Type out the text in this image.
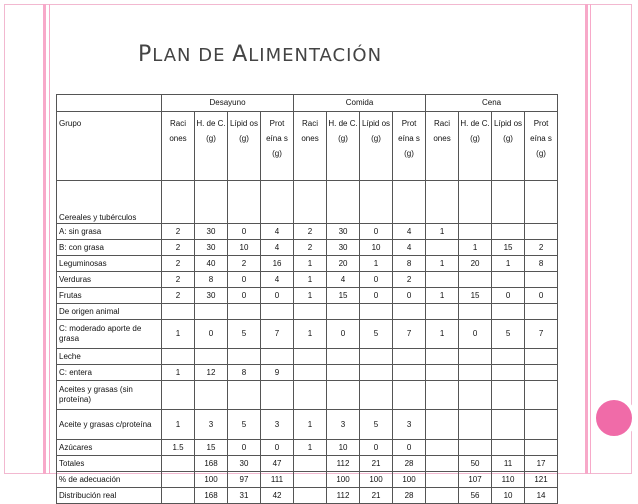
PLAN DE ALIMENTACIÓN
	Desayuno				Comida				Cena			
Grupo	Raci ones	H. de C. (g)	Lípid os (g)	Prot eína s (g)	Raci ones	H. de C. (g)	Lípid os (g)	Prot eína s (g)	Raci ones	H. de C. (g)	Lípid os (g)	Prot eína s (g)
Cereales y tubérculos												
A: sin grasa	2	30	0	4	2	30	0	4	1			
B: con grasa	2	30	10	4	2	30	10	4		1	15	2
Leguminosas	2	40	2	16	1	20	1	8	1	20	1	8
Verduras	2	8	0	4	1	4	0	2				
Frutas	2	30	0	0	1	15	0	0	1	15	0	0
De origen animal												
C: moderado aporte de grasa	1	0	5	7	1	0	5	7	1	0	5	7
Leche												
C: entera	1	12	8	9								
Aceites y grasas (sin proteína)												
Aceite y grasas c/proteína	1	3	5	3	1	3	5	3				
Azúcares	1.5	15	0	0	1	10	0	0				
Totales		168	30	47		112	21	28		50	11	17
% de adecuación		100	97	111		100	100	100		107	110	121
Distribución real		168	31	42		112	21	28		56	10	14
